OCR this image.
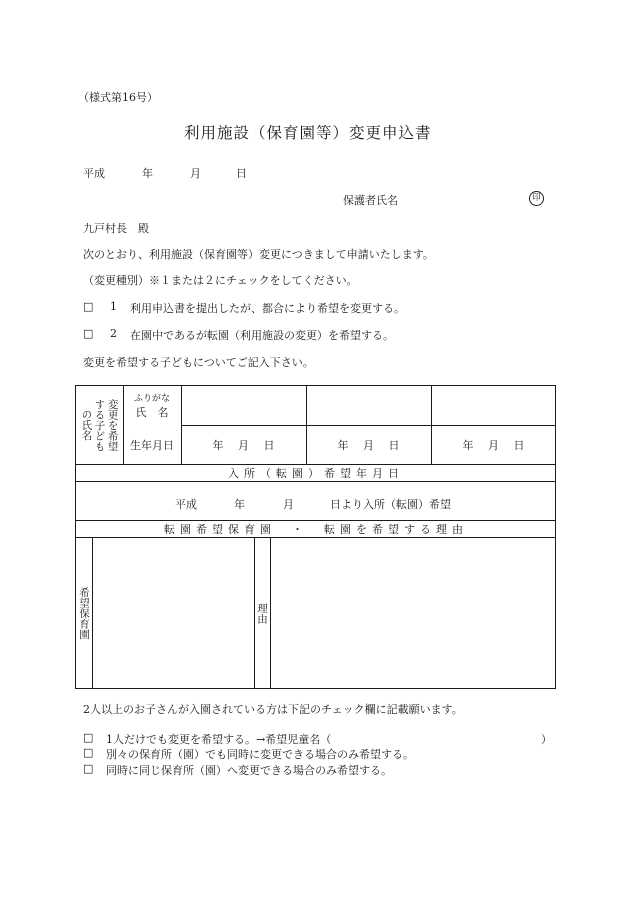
（様式第16号）
利用施設（保育園等）変更申込書
平成	年	月	日
保護者氏名	印
九戸村長　殿
次のとおり、利用施設（保育園等）変更につきまして申請いたします。
（変更種別）※１または２にチェックをしてください。
□ 1 利用申込書を提出したが、都合により希望を変更する。
□ 2 在園中であるが転園（利用施設の変更）を希望する。
変更を希望する子どもについてご記入下さい。
変更を希望
する子ども
の氏名
ふりがな
氏　名
生年月日	年　 月　 日	年　 月　 日	年　 月　 日
入所（転園）希望年月日
平成	年	月	日より入所（転園）希望
転園希望保育園　・　転園を希望する理由
希望保育園	理由
2人以上のお子さんが入園されている方は下記のチェック欄に記載願います。
□ 1人だけでも変更を希望する。→希望児童名（	）
□ 別々の保育所（園）でも同時に変更できる場合のみ希望する。
□ 同時に同じ保育所（園）へ変更できる場合のみ希望する。
